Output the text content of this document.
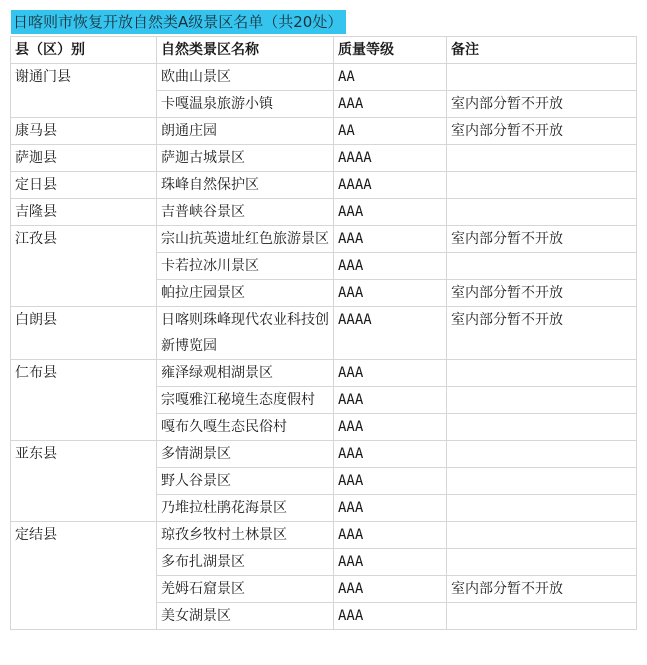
日喀则市恢复开放自然类A级景区名单（共20处）
县（区）别	自然类景区名称	质量等级	备注
谢通门县	欧曲山景区	AA	
	卡嘎温泉旅游小镇	AAA	室内部分暂不开放
康马县	朗通庄园	AA	室内部分暂不开放
萨迦县	萨迦古城景区	AAAA	
定日县	珠峰自然保护区	AAAA	
吉隆县	吉普峡谷景区	AAA	
江孜县	宗山抗英遗址红色旅游景区	AAA	室内部分暂不开放
	卡若拉冰川景区	AAA	
	帕拉庄园景区	AAA	室内部分暂不开放
白朗县	日喀则珠峰现代农业科技创新博览园	AAAA	室内部分暂不开放
仁布县	雍泽绿观相湖景区	AAA	
	宗嘎雅江秘境生态度假村	AAA	
	嘎布久嘎生态民俗村	AAA	
亚东县	多情湖景区	AAA	
	野人谷景区	AAA	
	乃堆拉杜鹃花海景区	AAA	
定结县	琼孜乡牧村土林景区	AAA	
	多布扎湖景区	AAA	
	羌姆石窟景区	AAA	室内部分暂不开放
	美女湖景区	AAA	
